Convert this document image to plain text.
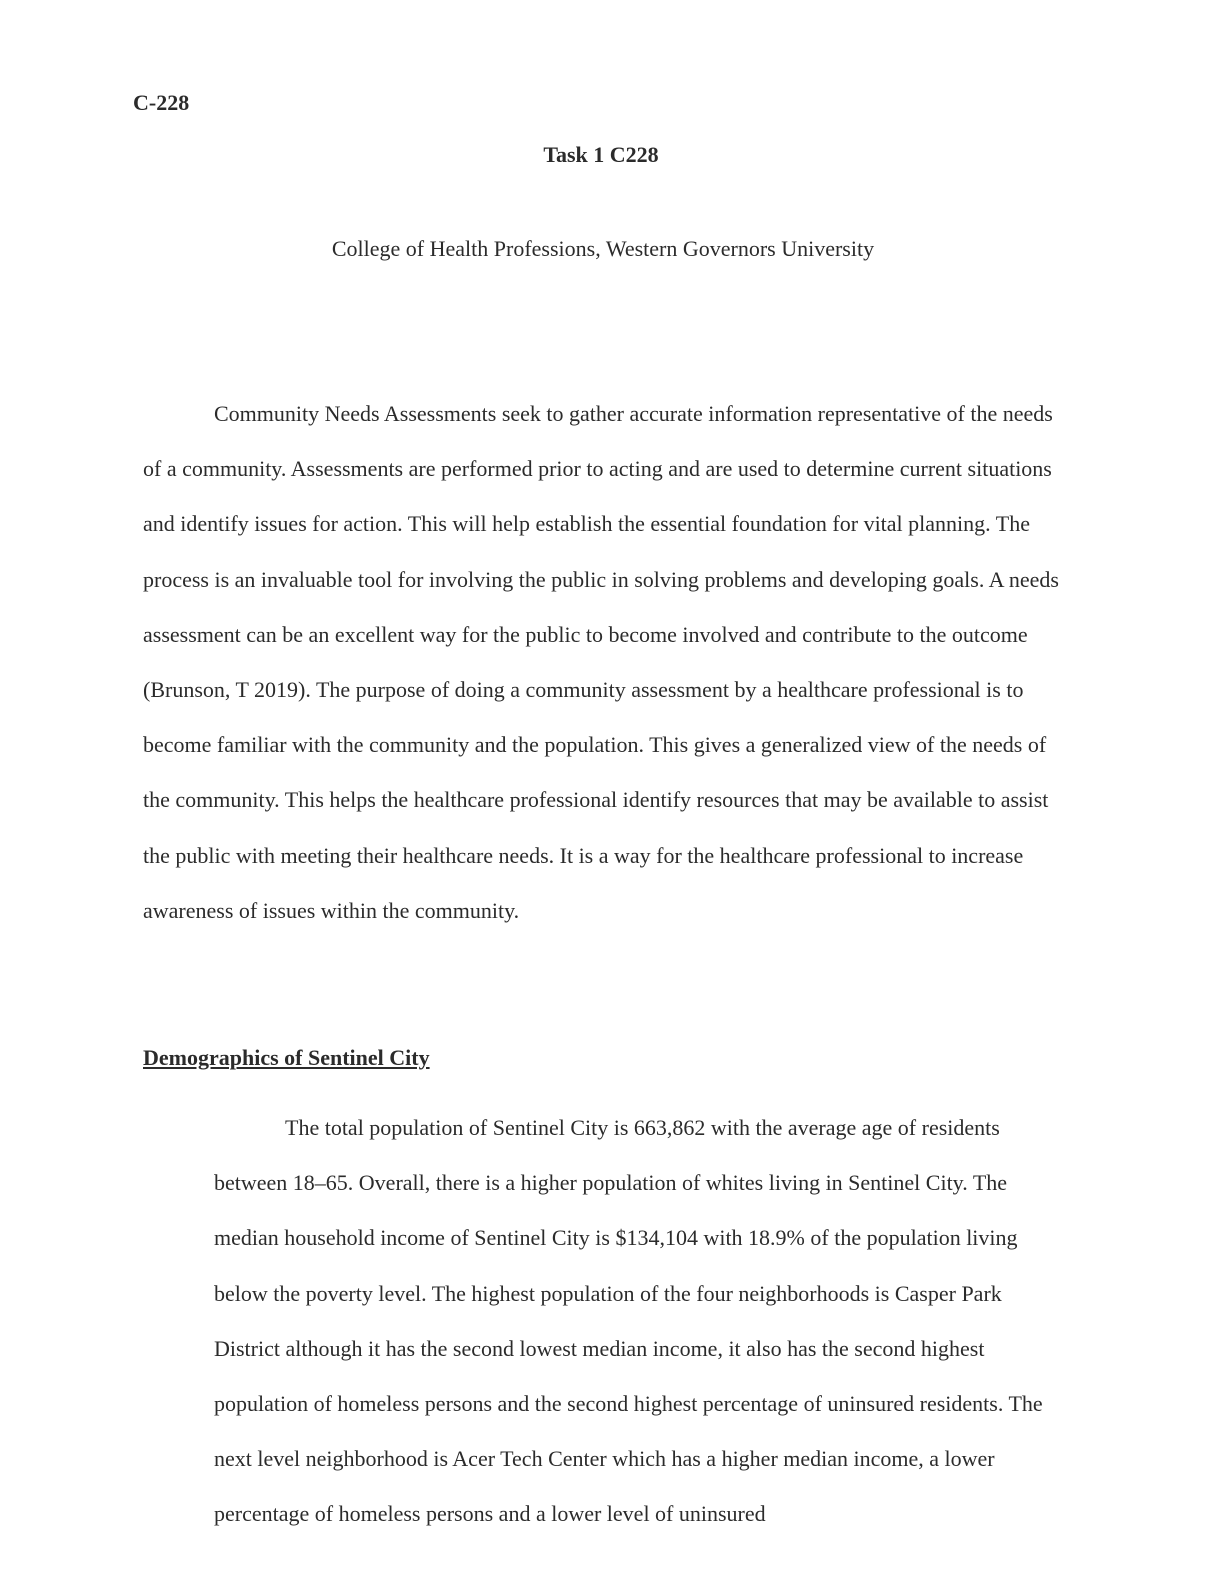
C-228

Task 1 C228

College of Health Professions, Western Governors University

Community Needs Assessments seek to gather accurate information representative of the needs of a community. Assessments are performed prior to acting and are used to determine current situations and identify issues for action. This will help establish the essential foundation for vital planning. The process is an invaluable tool for involving the public in solving problems and developing goals. A needs assessment can be an excellent way for the public to become involved and contribute to the outcome (Brunson, T 2019). The purpose of doing a community assessment by a healthcare professional is to become familiar with the community and the population. This gives a generalized view of the needs of the community. This helps the healthcare professional identify resources that may be available to assist the public with meeting their healthcare needs. It is a way for the healthcare professional to increase awareness of issues within the community.

Demographics of Sentinel City

The total population of Sentinel City is 663,862 with the average age of residents between 18–65. Overall, there is a higher population of whites living in Sentinel City. The median household income of Sentinel City is $134,104 with 18.9% of the population living below the poverty level. The highest population of the four neighborhoods is Casper Park District although it has the second lowest median income, it also has the second highest population of homeless persons and the second highest percentage of uninsured residents. The next level neighborhood is Acer Tech Center which has a higher median income, a lower percentage of homeless persons and a lower level of uninsured
